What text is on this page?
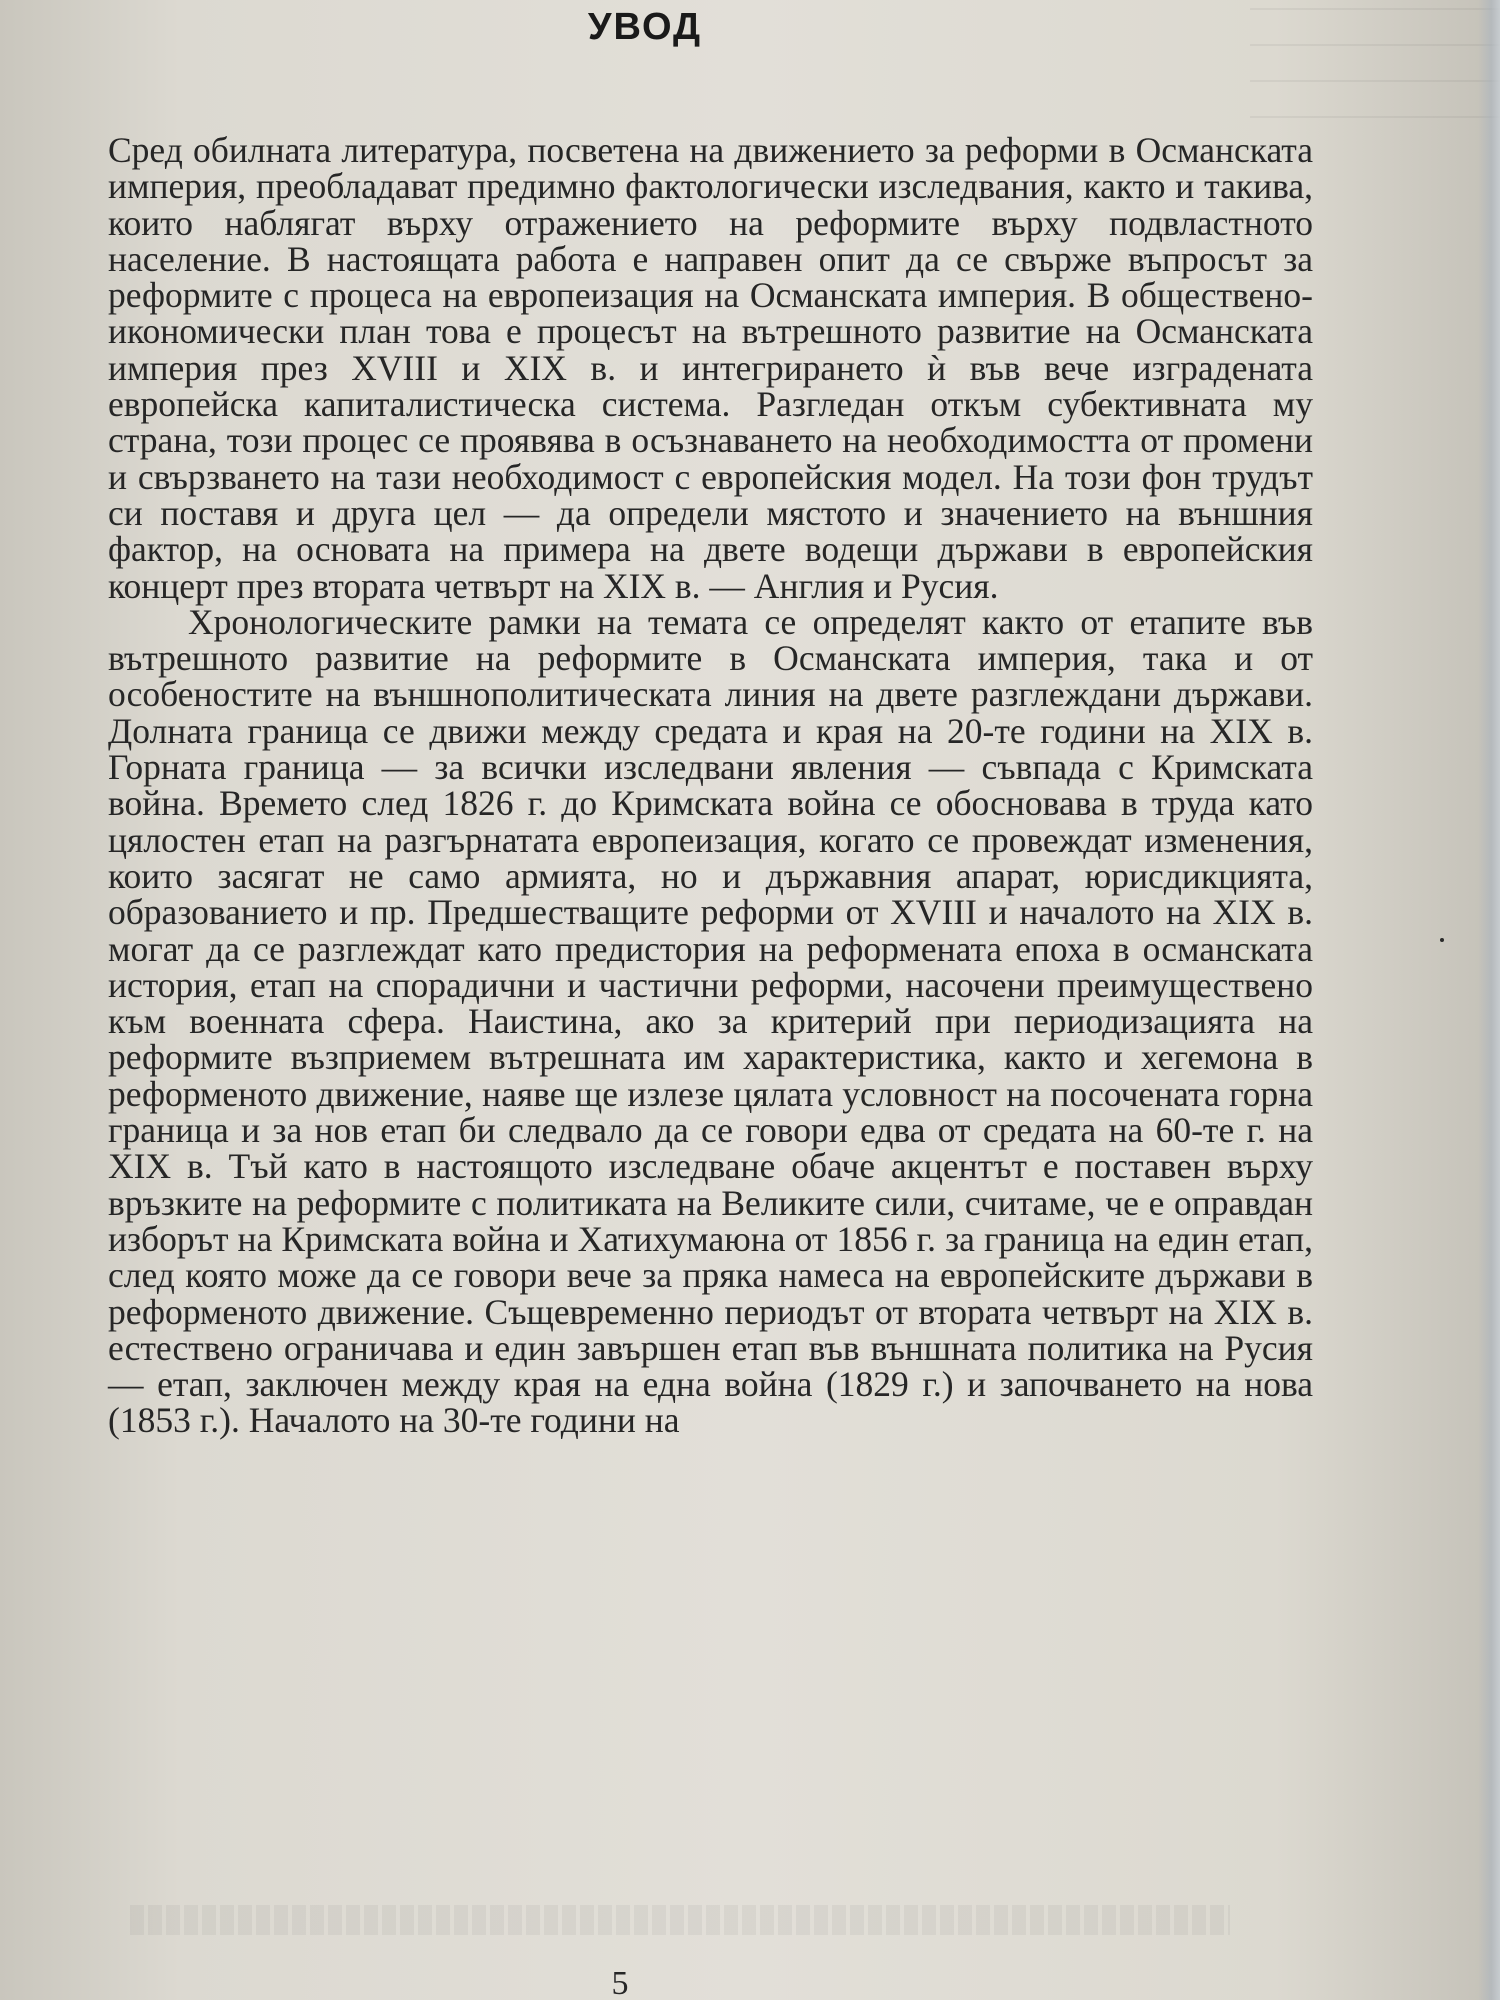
УВОД

Сред обилната литература, посветена на движението за реформи в Османската империя, преобладават предимно фактологически изследвания, както и такива, които наблягат върху отражението на реформите върху подвластното население. В настоящата работа е направен опит да се свърже въпросът за реформите с процеса на европеизация на Османската империя. В обществено-икономически план това е процесът на вътрешното развитие на Османската империя през XVIII и XIX в. и интегрирането ѝ във вече изградената европейска капиталистическа система. Разгледан откъм субективната му страна, този процес се проявява в осъзнаването на необходимостта от промени и свързването на тази необходимост с европейския модел. На този фон трудът си поставя и друга цел — да определи мястото и значението на външния фактор, на основата на примера на двете водещи държави в европейския концерт през втората четвърт на XIX в. — Англия и Русия.

Хронологическите рамки на темата се определят както от етапите във вътрешното развитие на реформите в Османската империя, така и от особеностите на външнополитическата линия на двете разглеждани държави. Долната граница се движи между средата и края на 20-те години на XIX в. Горната граница — за всички изследвани явления — съвпада с Кримската война. Времето след 1826 г. до Кримската война се обосновава в труда като цялостен етап на разгърнатата европеизация, когато се провеждат изменения, които засягат не само армията, но и държавния апарат, юрисдикцията, образованието и пр. Предшестващите реформи от XVIII и началото на XIX в. могат да се разглеждат като предистория на реформената епоха в османската история, етап на спорадични и частични реформи, насочени преимуществено към военната сфера. Наистина, ако за критерий при периодизацията на реформите възприемем вътрешната им характеристика, както и хегемона в реформеното движение, наяве ще излезе цялата условност на посочената горна граница и за нов етап би следвало да се говори едва от средата на 60-те г. на XIX в. Тъй като в настоящото изследване обаче акцентът е поставен върху връзките на реформите с политиката на Великите сили, считаме, че е оправдан изборът на Кримската война и Хатихумаюна от 1856 г. за граница на един етап, след която може да се говори вече за пряка намеса на европейските държави в реформеното движение. Същевременно периодът от втората четвърт на XIX в. естествено ограничава и един завършен етап във външната политика на Русия — етап, заключен между края на една война (1829 г.) и започването на нова (1853 г.). Началото на 30-те години на

5
